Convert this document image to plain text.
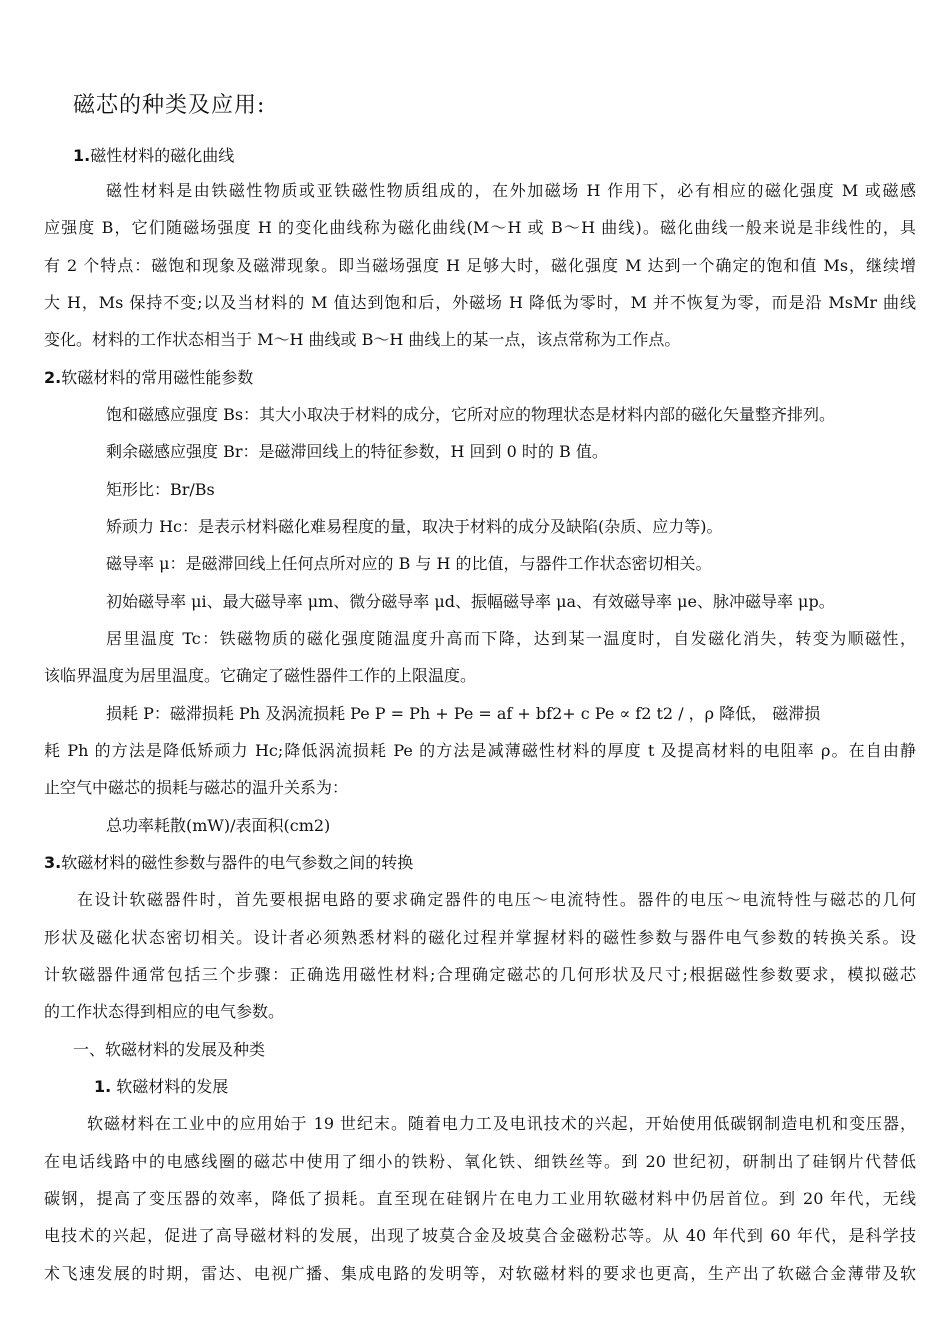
磁芯的种类及应用:
1.磁性材料的磁化曲线
磁性材料是由铁磁性物质或亚铁磁性物质组成的，在外加磁场 H 作用下，必有相应的磁化强度 M 或磁感
应强度 B，它们随磁场强度 H 的变化曲线称为磁化曲线(M～H 或 B～H 曲线)。磁化曲线一般来说是非线性的，具
有 2 个特点：磁饱和现象及磁滞现象。即当磁场强度 H 足够大时，磁化强度 M 达到一个确定的饱和值 Ms，继续增
大 H，Ms 保持不变;以及当材料的 M 值达到饱和后，外磁场 H 降低为零时，M 并不恢复为零，而是沿 MsMr 曲线
变化。材料的工作状态相当于 M～H 曲线或 B～H 曲线上的某一点，该点常称为工作点。
2.软磁材料的常用磁性能参数
饱和磁感应强度 Bs：其大小取决于材料的成分，它所对应的物理状态是材料内部的磁化矢量整齐排列。
剩余磁感应强度 Br：是磁滞回线上的特征参数，H 回到 0 时的 B 值。
矩形比：Br∕Bs
矫顽力 Hc：是表示材料磁化难易程度的量，取决于材料的成分及缺陷(杂质、应力等)。
磁导率 μ：是磁滞回线上任何点所对应的 B 与 H 的比值，与器件工作状态密切相关。
初始磁导率 μi、最大磁导率 μm、微分磁导率 μd、振幅磁导率 μa、有效磁导率 μe、脉冲磁导率 μp。
居里温度 Tc：铁磁物质的磁化强度随温度升高而下降，达到某一温度时，自发磁化消失，转变为顺磁性，
该临界温度为居里温度。它确定了磁性器件工作的上限温度。
损耗 P：磁滞损耗 Ph 及涡流损耗 Pe P = Ph + Pe = af + bf2+ c Pe ∝ f2 t2 / ，ρ 降低， 磁滞损
耗 Ph 的方法是降低矫顽力 Hc;降低涡流损耗 Pe 的方法是减薄磁性材料的厚度 t 及提高材料的电阻率 ρ。在自由静
止空气中磁芯的损耗与磁芯的温升关系为：
总功率耗散(mW)/表面积(cm2)
3.软磁材料的磁性参数与器件的电气参数之间的转换
在设计软磁器件时，首先要根据电路的要求确定器件的电压～电流特性。器件的电压～电流特性与磁芯的几何
形状及磁化状态密切相关。设计者必须熟悉材料的磁化过程并掌握材料的磁性参数与器件电气参数的转换关系。设
计软磁器件通常包括三个步骤：正确选用磁性材料;合理确定磁芯的几何形状及尺寸;根据磁性参数要求，模拟磁芯
的工作状态得到相应的电气参数。
一、软磁材料的发展及种类
1. 软磁材料的发展
软磁材料在工业中的应用始于 19 世纪末。随着电力工及电讯技术的兴起，开始使用低碳钢制造电机和变压器，
在电话线路中的电感线圈的磁芯中使用了细小的铁粉、氧化铁、细铁丝等。到 20 世纪初，研制出了硅钢片代替低
碳钢，提高了变压器的效率，降低了损耗。直至现在硅钢片在电力工业用软磁材料中仍居首位。到 20 年代，无线
电技术的兴起，促进了高导磁材料的发展，出现了坡莫合金及坡莫合金磁粉芯等。从 40 年代到 60 年代，是科学技
术飞速发展的时期，雷达、电视广播、集成电路的发明等，对软磁材料的要求也更高，生产出了软磁合金薄带及软
